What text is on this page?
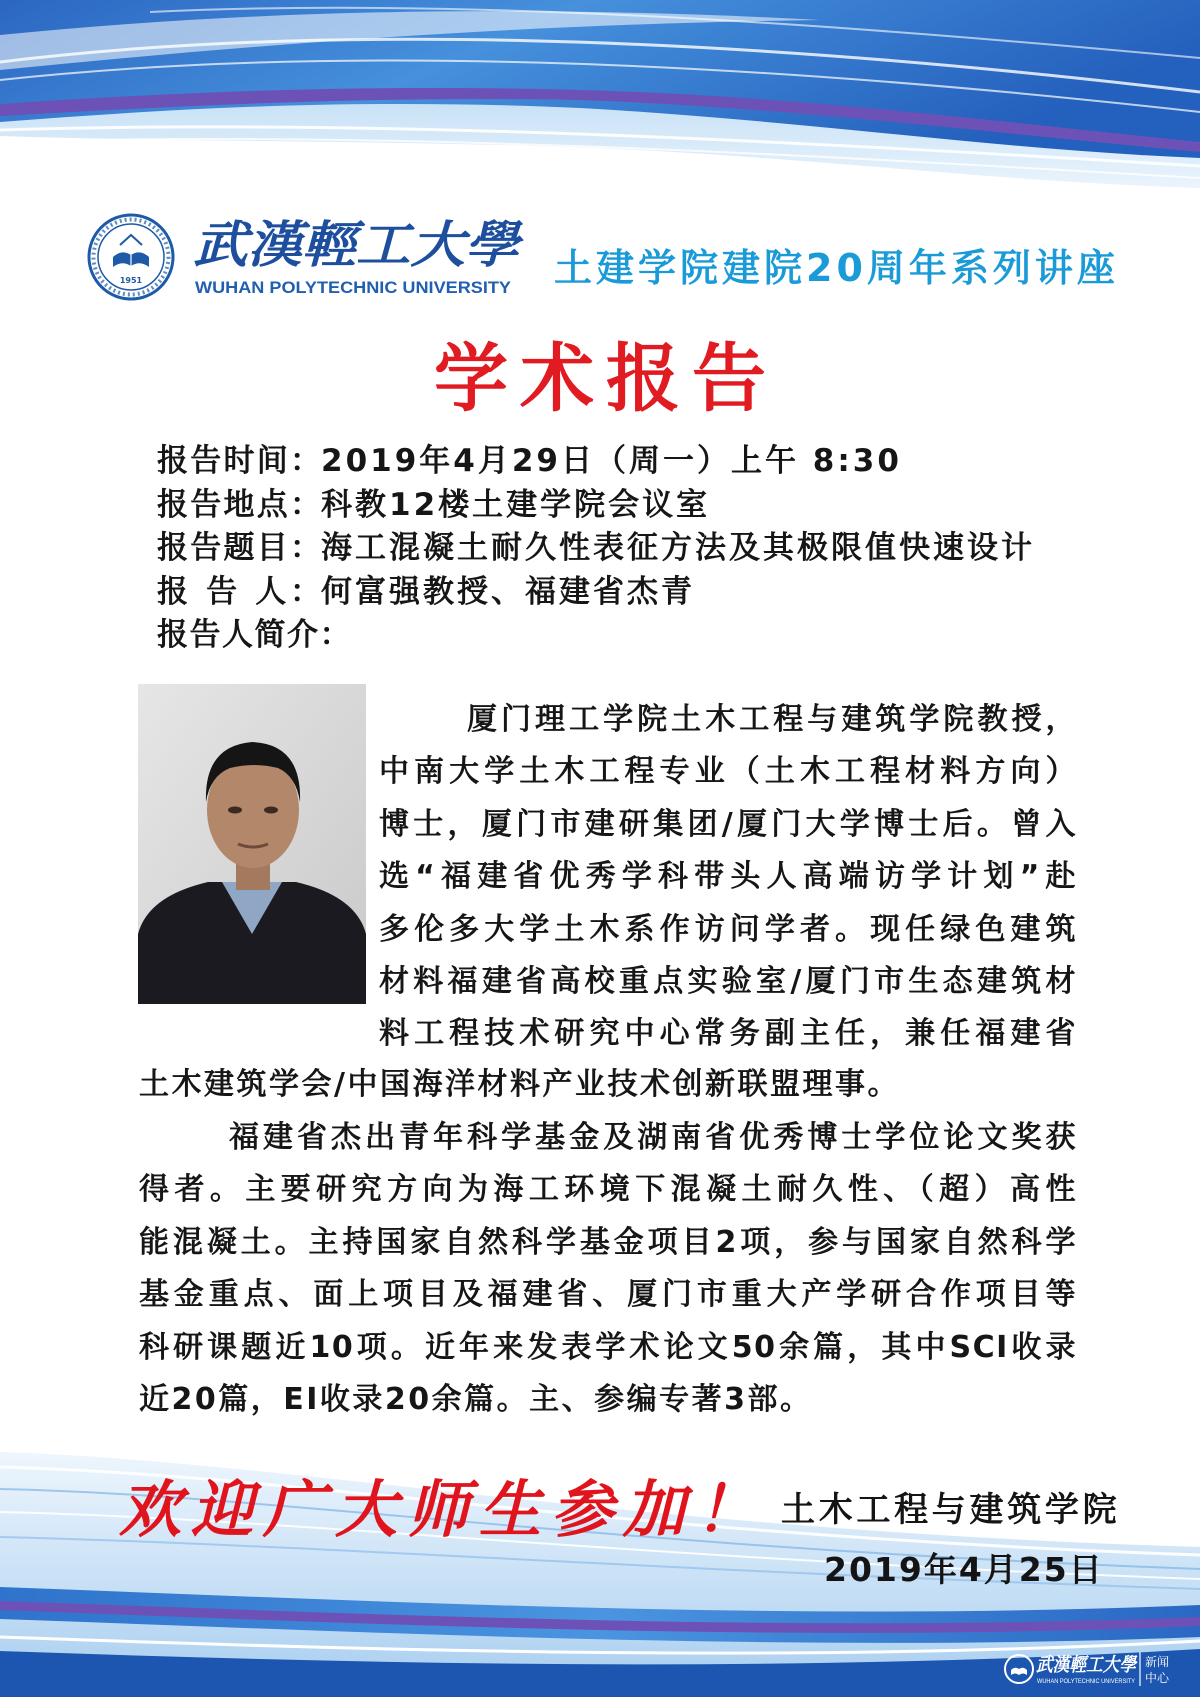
1951
武漢輕工大學
WUHAN POLYTECHNIC UNIVERSITY 土建学院建院20周年系列讲座
学术报告
报告时间：2019年4月29日（周一）上午 8:30
报告地点：科教12楼土建学院会议室
报告题目：海工混凝土耐久性表征方法及其极限值快速设计
报 告 人：何富强教授、福建省杰青
报告人简介：
厦门理工学院土木工程与建筑学院教授，
中南大学土木工程专业（土木工程材料方向）
博士，厦门市建研集团/厦门大学博士后。曾入
选“福建省优秀学科带头人高端访学计划”赴
多伦多大学土木系作访问学者。现任绿色建筑
材料福建省高校重点实验室/厦门市生态建筑材
料工程技术研究中心常务副主任，兼任福建省
土木建筑学会/中国海洋材料产业技术创新联盟理事。
福建省杰出青年科学基金及湖南省优秀博士学位论文奖获
得者。主要研究方向为海工环境下混凝土耐久性、（超）高性
能混凝土。主持国家自然科学基金项目2项，参与国家自然科学
基金重点、面上项目及福建省、厦门市重大产学研合作项目等
科研课题近10项。近年来发表学术论文50余篇，其中SCI收录
近20篇，EI收录20余篇。主、参编专著3部。
欢迎广大师生参加！ 土木工程与建筑学院
2019年4月25日
武漢輕工大學
WUHAN POLYTECHNIC UNIVERSITY
新闻
中心
